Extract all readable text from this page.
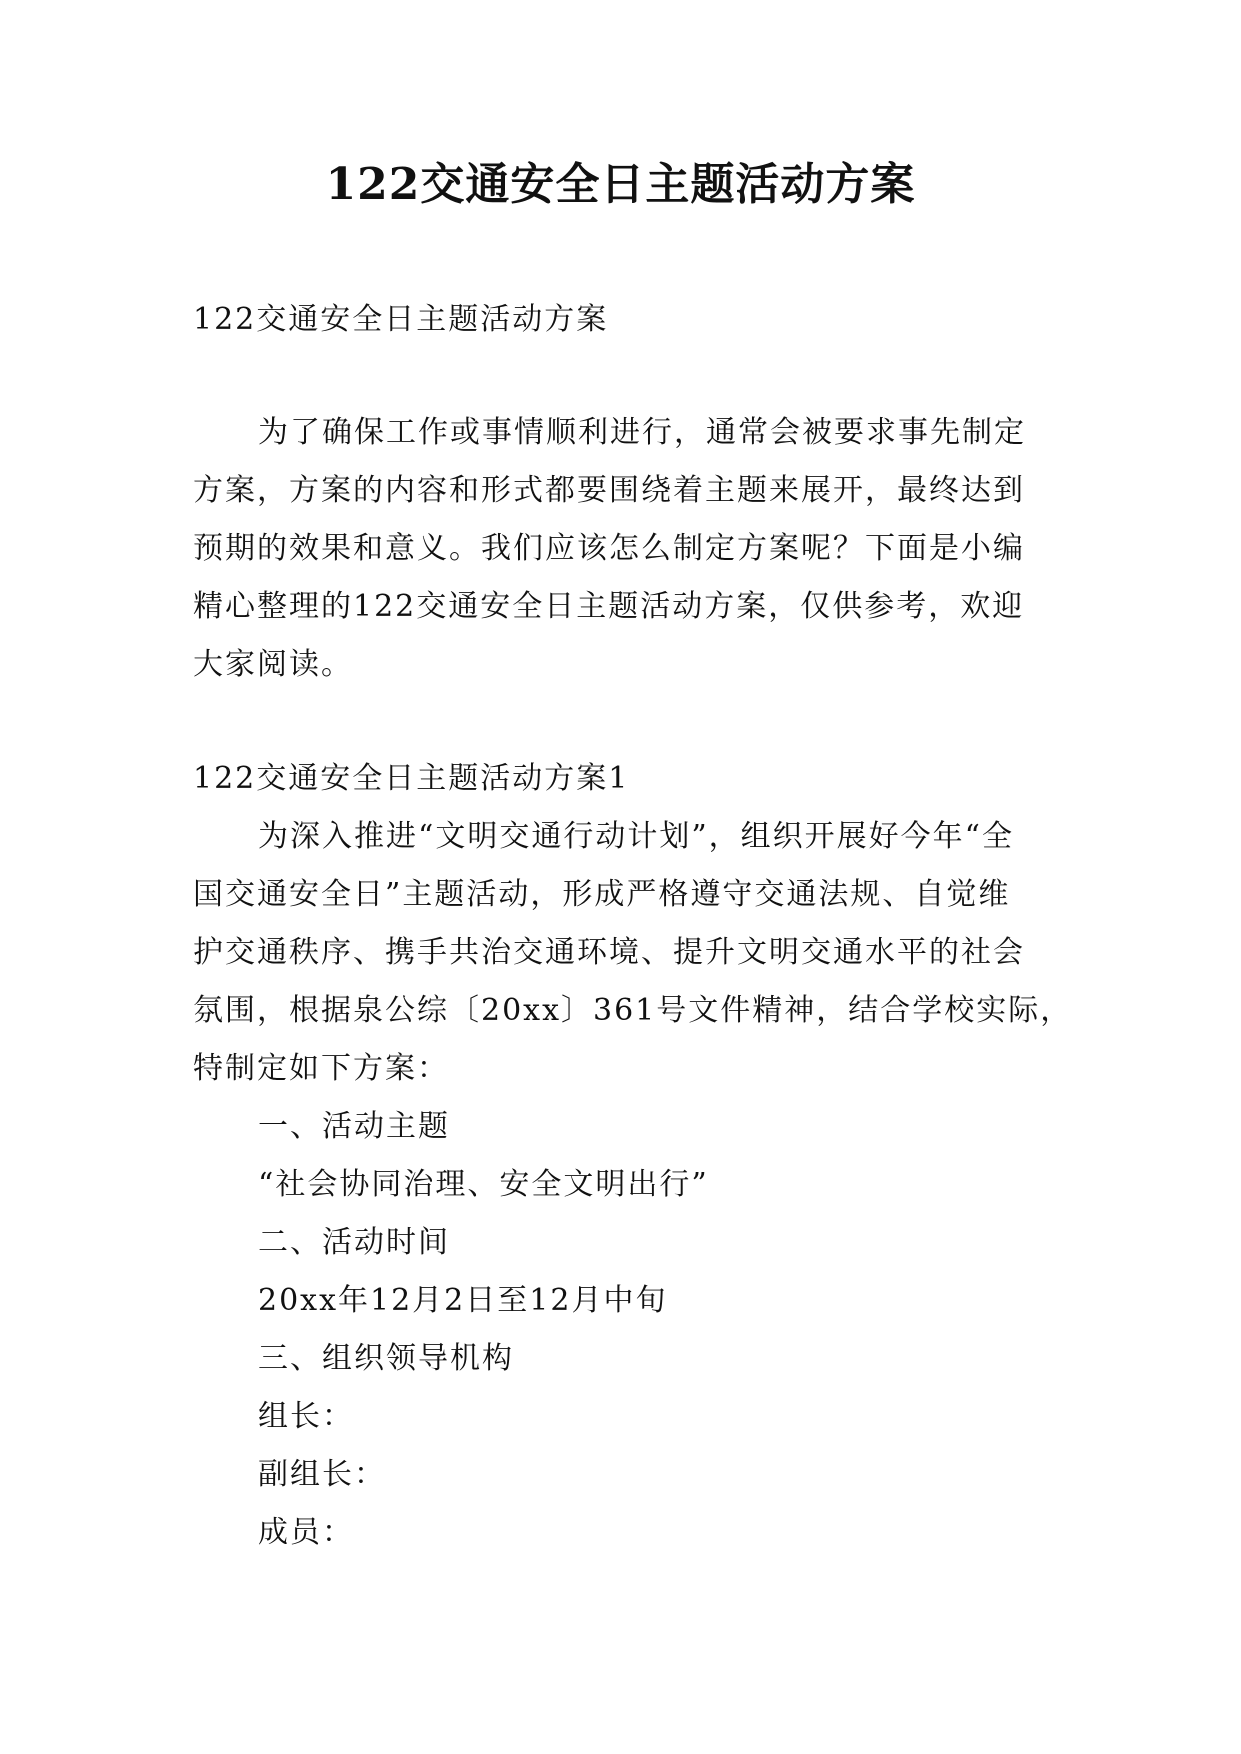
122交通安全日主题活动方案
122交通安全日主题活动方案
为了确保工作或事情顺利进行，通常会被要求事先制定
方案，方案的内容和形式都要围绕着主题来展开，最终达到
预期的效果和意义。我们应该怎么制定方案呢？下面是小编
精心整理的122交通安全日主题活动方案，仅供参考，欢迎
大家阅读。
122交通安全日主题活动方案1
为深入推进“文明交通行动计划”，组织开展好今年“全
国交通安全日”主题活动，形成严格遵守交通法规、自觉维
护交通秩序、携手共治交通环境、提升文明交通水平的社会
氛围，根据泉公综〔20xx〕361号文件精神，结合学校实际，
特制定如下方案：
一、活动主题
“社会协同治理、安全文明出行”
二、活动时间
20xx年12月2日至12月中旬
三、组织领导机构
组长：
副组长：
成员：
